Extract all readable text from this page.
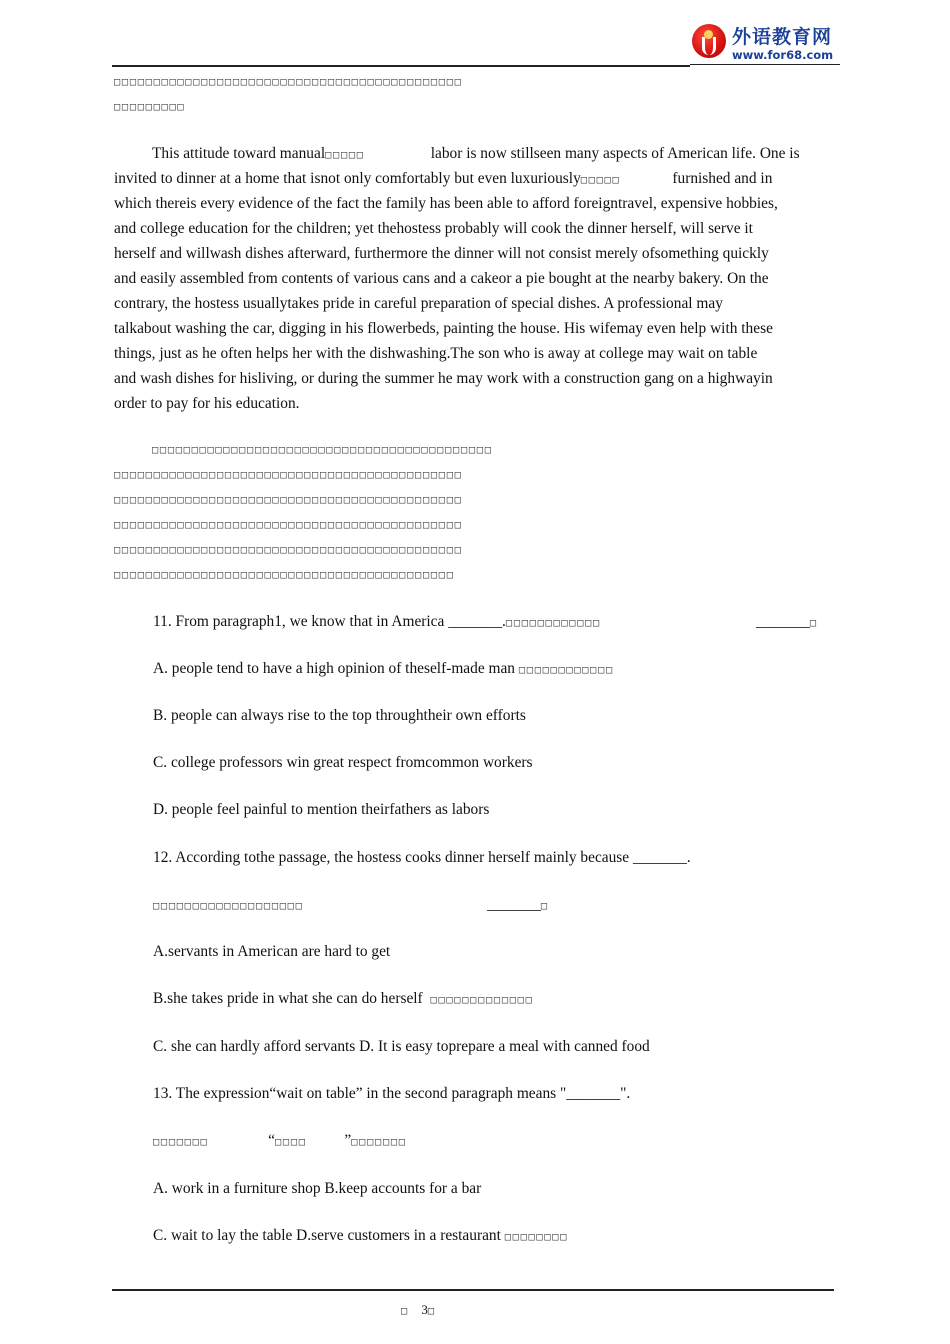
外语教育网
www.for68.com
□□□□□□□□□□□□□□□□□□□□□□□□□□□□□□□□□□□□□□□□□□□□
□□□□□□□□□
This attitude toward manual□□□□□	labor is now stillseen many aspects of American life. One is
invited to dinner at a home that isnot only comfortably but even luxuriously□□□□□	furnished and in
which thereis every evidence of the fact the family has been able to afford foreigntravel, expensive hobbies,
and college education for the children; yet thehostess probably will cook the dinner herself, will serve it
herself and willwash dishes afterward, furthermore the dinner will not consist merely ofsomething quickly
and easily assembled from contents of various cans and a cakeor a pie bought at the nearby bakery. On the
contrary, the hostess usuallytakes pride in careful preparation of special dishes. A professional may
talkabout washing the car, digging in his flowerbeds, painting the house. His wifemay even help with these
things, just as he often helps her with the dishwashing.The son who is away at college may wait on table
and wash dishes for hisliving, or during the summer he may work with a construction gang on a highwayin
order to pay for his education.
□□□□□□□□□□□□□□□□□□□□□□□□□□□□□□□□□□□□□□□□□□□
□□□□□□□□□□□□□□□□□□□□□□□□□□□□□□□□□□□□□□□□□□□□
□□□□□□□□□□□□□□□□□□□□□□□□□□□□□□□□□□□□□□□□□□□□
□□□□□□□□□□□□□□□□□□□□□□□□□□□□□□□□□□□□□□□□□□□□
□□□□□□□□□□□□□□□□□□□□□□□□□□□□□□□□□□□□□□□□□□□□
□□□□□□□□□□□□□□□□□□□□□□□□□□□□□□□□□□□□□□□□□□□
11. From paragraph1, we know that in America _______.□□□□□□□□□□□□	_______□
A. people tend to have a high opinion of theself-made man □□□□□□□□□□□□
B. people can always rise to the top throughtheir own efforts
C. college professors win great respect fromcommon workers
D. people feel painful to mention theirfathers as labors
12. According tothe passage, the hostess cooks dinner herself mainly because _______.
□□□□□□□□□□□□□□□□□□□	_______□
A.servants in American are hard to get
B.she takes pride in what she can do herself □□□□□□□□□□□□□
C. she can hardly afford servants D. It is easy toprepare a meal with canned food
13. The expression“wait on table” in the second paragraph means "_______".
□□□□□□□	“□□□□ ”□□□□□□□
A. work in a furniture shop B.keep accounts for a bar
C. wait to lay the table D.serve customers in a restaurant □□□□□□□□
□ 3□
